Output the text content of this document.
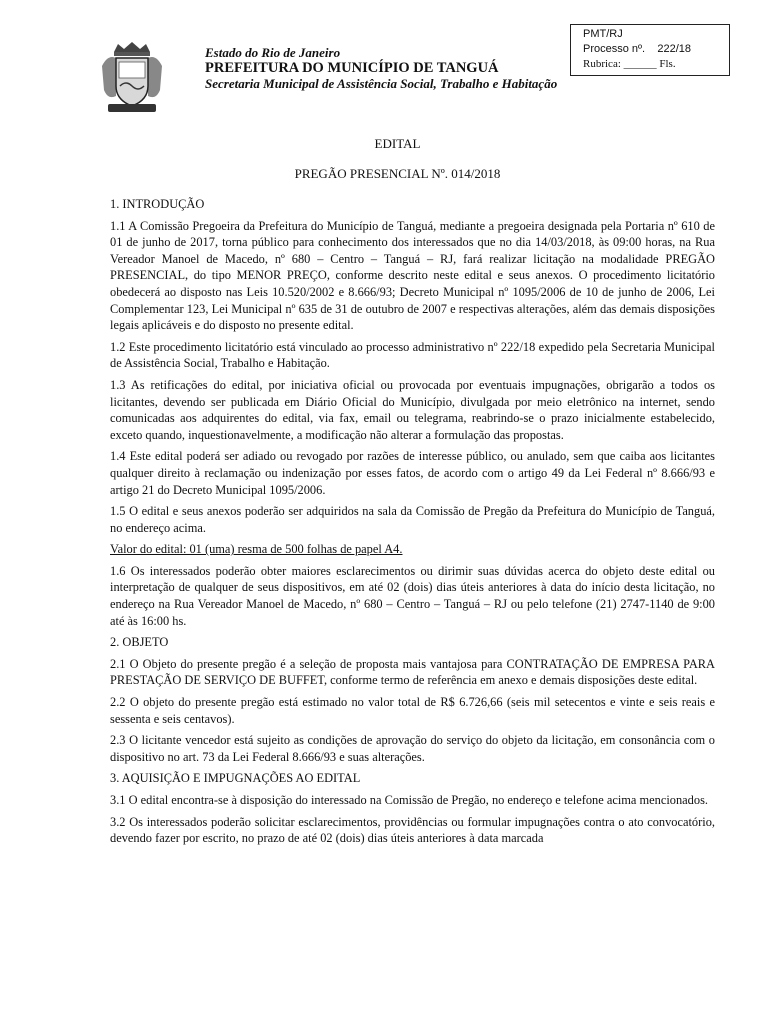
PMT/RJ
Processo nº. 222/18
Rubrica: ______ Fls.
Estado do Rio de Janeiro
PREFEITURA DO MUNICÍPIO DE TANGUÁ
Secretaria Municipal de Assistência Social, Trabalho e Habitação
EDITAL
PREGÃO PRESENCIAL Nº. 014/2018

1. INTRODUÇÃO

1.1 A Comissão Pregoeira da Prefeitura do Município de Tanguá, mediante a pregoeira designada pela Portaria nº 610 de 01 de junho de 2017, torna público para conhecimento dos interessados que no dia 14/03/2018, às 09:00 horas, na Rua Vereador Manoel de Macedo, nº 680 – Centro – Tanguá – RJ, fará realizar licitação na modalidade PREGÃO PRESENCIAL, do tipo MENOR PREÇO, conforme descrito neste edital e seus anexos. O procedimento licitatório obedecerá ao disposto nas Leis 10.520/2002 e 8.666/93; Decreto Municipal nº 1095/2006 de 10 de junho de 2006, Lei Complementar 123, Lei Municipal nº 635 de 31 de outubro de 2007 e respectivas alterações, além das demais disposições legais aplicáveis e do disposto no presente edital.

1.2 Este procedimento licitatório está vinculado ao processo administrativo nº 222/18 expedido pela Secretaria Municipal de Assistência Social, Trabalho e Habitação.

1.3 As retificações do edital, por iniciativa oficial ou provocada por eventuais impugnações, obrigarão a todos os licitantes, devendo ser publicada em Diário Oficial do Município, divulgada por meio eletrônico na internet, sendo comunicadas aos adquirentes do edital, via fax, email ou telegrama, reabrindo-se o prazo inicialmente estabelecido, exceto quando, inquestionavelmente, a modificação não alterar a formulação das propostas.

1.4 Este edital poderá ser adiado ou revogado por razões de interesse público, ou anulado, sem que caiba aos licitantes qualquer direito à reclamação ou indenização por esses fatos, de acordo com o artigo 49 da Lei Federal nº 8.666/93 e artigo 21 do Decreto Municipal 1095/2006.

1.5 O edital e seus anexos poderão ser adquiridos na sala da Comissão de Pregão da Prefeitura do Município de Tanguá, no endereço acima.

Valor do edital: 01 (uma) resma de 500 folhas de papel A4.

1.6 Os interessados poderão obter maiores esclarecimentos ou dirimir suas dúvidas acerca do objeto deste edital ou interpretação de qualquer de seus dispositivos, em até 02 (dois) dias úteis anteriores à data do início desta licitação, no endereço na Rua Vereador Manoel de Macedo, nº 680 – Centro – Tanguá – RJ ou pelo telefone (21) 2747-1140 de 9:00 até às 16:00 hs.

2. OBJETO

2.1 O Objeto do presente pregão é a seleção de proposta mais vantajosa para CONTRATAÇÃO DE EMPRESA PARA PRESTAÇÃO DE SERVIÇO DE BUFFET, conforme termo de referência em anexo e demais disposições deste edital.

2.2 O objeto do presente pregão está estimado no valor total de R$ 6.726,66 (seis mil setecentos e vinte e seis reais e sessenta e seis centavos).

2.3 O licitante vencedor está sujeito as condições de aprovação do serviço do objeto da licitação, em consonância com o dispositivo no art. 73 da Lei Federal 8.666/93 e suas alterações.

3. AQUISIÇÃO E IMPUGNAÇÕES AO EDITAL

3.1 O edital encontra-se à disposição do interessado na Comissão de Pregão, no endereço e telefone acima mencionados.

3.2 Os interessados poderão solicitar esclarecimentos, providências ou formular impugnações contra o ato convocatório, devendo fazer por escrito, no prazo de até 02 (dois) dias úteis anteriores à data marcada
